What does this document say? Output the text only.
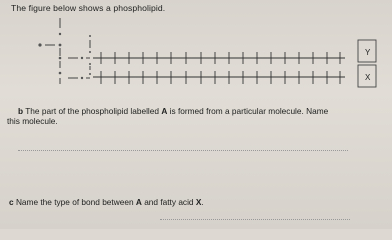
The figure below shows a phospholipid.
Y
X
b The part of the phospholipid labelled A is formed from a particular molecule. Name
this molecule.
c Name the type of bond between A and fatty acid X.
